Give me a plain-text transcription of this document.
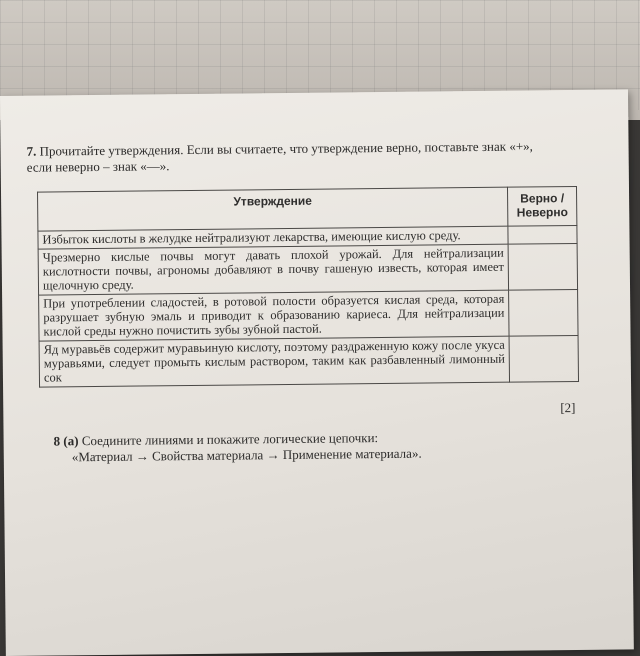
7. Прочитайте утверждения. Если вы считаете, что утверждение верно, поставьте знак «+»,
если неверно – знак «—».
Утверждение	Верно / Неверно
Избыток кислоты в желудке нейтрализуют лекарства, имеющие кислую среду.	
Чрезмерно кислые почвы могут давать плохой урожай. Для нейтрализации кислотности почвы, агрономы добавляют в почву гашеную известь, которая имеет щелочную среду.	
При употреблении сладостей, в ротовой полости образуется кислая среда, которая разрушает зубную эмаль и приводит к образованию кариеса. Для нейтрализации кислой среды нужно почистить зубы зубной пастой.	
Яд муравьёв содержит муравьиную кислоту, поэтому раздраженную кожу после укуса муравьями, следует промыть кислым раствором, таким как разбавленный лимонный сок	
[2]
8 (а) Соедините линиями и покажите логические цепочки:
«Материал → Свойства материала → Применение материала».
